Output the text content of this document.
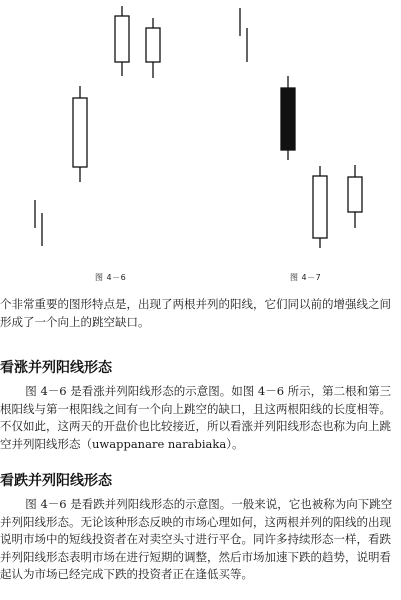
图 4－6	图 4－7

个非常重要的图形特点是，出现了两根并列的阳线，它们同以前的增强线之间形成了一个向上的跳空缺口。

看涨并列阳线形态

图 4－6 是看涨并列阳线形态的示意图。如图 4－6 所示，第二根和第三根阳线与第一根阳线之间有一个向上跳空的缺口，且这两根阳线的长度相等。不仅如此，这两天的开盘价也比较接近，所以看涨并列阳线形态也称为向上跳空并列阳线形态（uwappanare narabiaka）。

看跌并列阳线形态

图 4－6 是看跌并列阳线形态的示意图。一般来说，它也被称为向下跳空并列阳线形态。无论该种形态反映的市场心理如何，这两根并列的阳线的出现说明市场中的短线投资者在对卖空头寸进行平仓。同许多持续形态一样，看跌并列阳线形态表明市场在进行短期的调整，然后市场加速下跌的趋势，说明看起认为市场已经完成下跌的投资者正在逢低买等。
